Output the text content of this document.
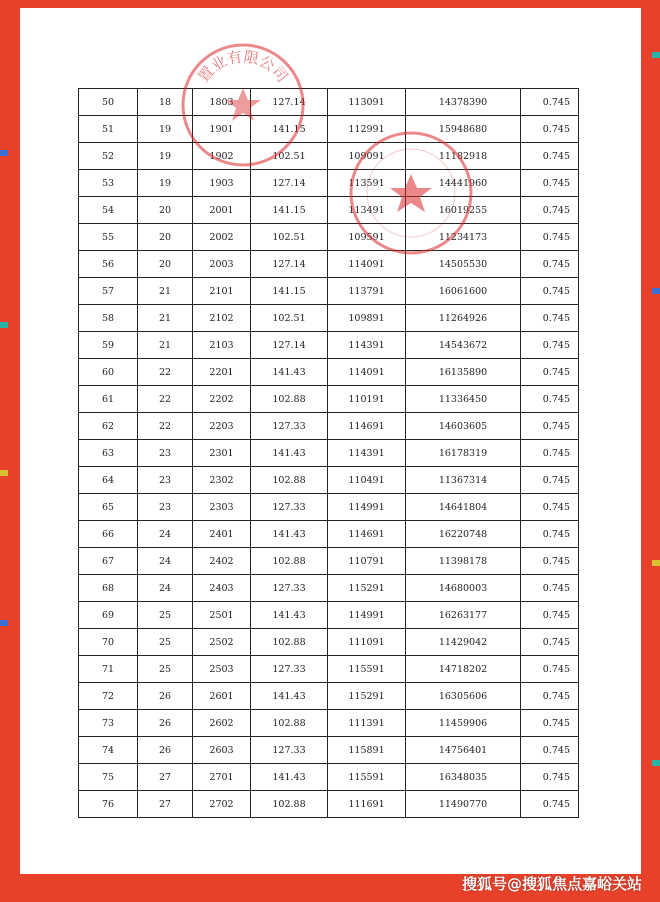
50	18	1803	127.14	113091	14378390	0.745
51	19	1901	141.15	112991	15948680	0.745
52	19	1902	102.51	109091	11182918	0.745
53	19	1903	127.14	113591	14441960	0.745
54	20	2001	141.15	113491	16019255	0.745
55	20	2002	102.51	109591	11234173	0.745
56	20	2003	127.14	114091	14505530	0.745
57	21	2101	141.15	113791	16061600	0.745
58	21	2102	102.51	109891	11264926	0.745
59	21	2103	127.14	114391	14543672	0.745
60	22	2201	141.43	114091	16135890	0.745
61	22	2202	102.88	110191	11336450	0.745
62	22	2203	127.33	114691	14603605	0.745
63	23	2301	141.43	114391	16178319	0.745
64	23	2302	102.88	110491	11367314	0.745
65	23	2303	127.33	114991	14641804	0.745
66	24	2401	141.43	114691	16220748	0.745
67	24	2402	102.88	110791	11398178	0.745
68	24	2403	127.33	115291	14680003	0.745
69	25	2501	141.43	114991	16263177	0.745
70	25	2502	102.88	111091	11429042	0.745
71	25	2503	127.33	115591	14718202	0.745
72	26	2601	141.43	115291	16305606	0.745
73	26	2602	102.88	111391	11459906	0.745
74	26	2603	127.33	115891	14756401	0.745
75	27	2701	141.43	115591	16348035	0.745
76	27	2702	102.88	111691	11490770	0.745
置业有限公司
搜狐号@搜狐焦点嘉峪关站
